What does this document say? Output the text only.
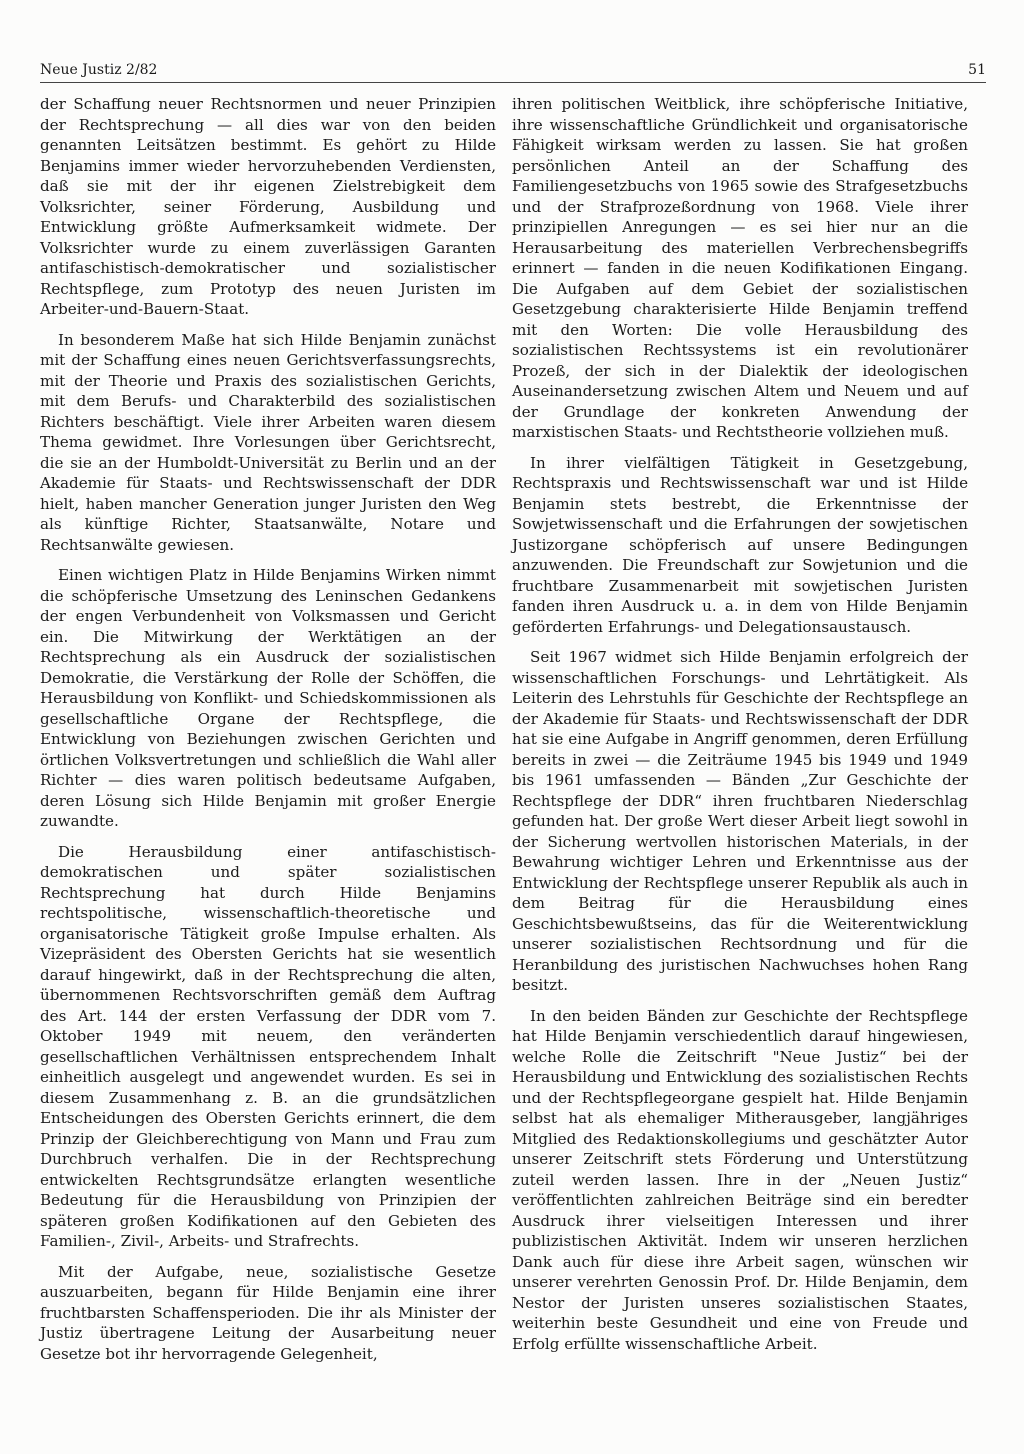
Neue Justiz 2/82	51

der Schaffung neuer Rechtsnormen und neuer Prinzipien der Rechtsprechung — all dies war von den beiden genannten Leitsätzen bestimmt. Es gehört zu Hilde Benjamins immer wieder hervorzuhebenden Verdiensten, daß sie mit der ihr eigenen Zielstrebigkeit dem Volksrichter, seiner Förderung, Ausbildung und Entwicklung größte Aufmerksamkeit widmete. Der Volksrichter wurde zu einem zuverlässigen Garanten antifaschistisch-demokratischer und sozialistischer Rechtspflege, zum Prototyp des neuen Juristen im Arbeiter-und-Bauern-Staat.

In besonderem Maße hat sich Hilde Benjamin zunächst mit der Schaffung eines neuen Gerichtsverfassungsrechts, mit der Theorie und Praxis des sozialistischen Gerichts, mit dem Berufs- und Charakterbild des sozialistischen Richters beschäftigt. Viele ihrer Arbeiten waren diesem Thema gewidmet. Ihre Vorlesungen über Gerichtsrecht, die sie an der Humboldt-Universität zu Berlin und an der Akademie für Staats- und Rechtswissenschaft der DDR hielt, haben mancher Generation junger Juristen den Weg als künftige Richter, Staatsanwälte, Notare und Rechtsanwälte gewiesen.

Einen wichtigen Platz in Hilde Benjamins Wirken nimmt die schöpferische Umsetzung des Leninschen Gedankens der engen Verbundenheit von Volksmassen und Gericht ein. Die Mitwirkung der Werktätigen an der Rechtsprechung als ein Ausdruck der sozialistischen Demokratie, die Verstärkung der Rolle der Schöffen, die Herausbildung von Konflikt- und Schiedskommissionen als gesellschaftliche Organe der Rechtspflege, die Entwicklung von Beziehungen zwischen Gerichten und örtlichen Volksvertretungen und schließlich die Wahl aller Richter — dies waren politisch bedeutsame Aufgaben, deren Lösung sich Hilde Benjamin mit großer Energie zuwandte.

Die Herausbildung einer antifaschistisch-demokratischen und später sozialistischen Rechtsprechung hat durch Hilde Benjamins rechtspolitische, wissenschaftlich-theoretische und organisatorische Tätigkeit große Impulse erhalten. Als Vizepräsident des Obersten Gerichts hat sie wesentlich darauf hingewirkt, daß in der Rechtsprechung die alten, übernommenen Rechtsvorschriften gemäß dem Auftrag des Art. 144 der ersten Verfassung der DDR vom 7. Oktober 1949 mit neuem, den veränderten gesellschaftlichen Verhältnissen entsprechendem Inhalt einheitlich ausgelegt und angewendet wurden. Es sei in diesem Zusammenhang z. B. an die grundsätzlichen Entscheidungen des Obersten Gerichts erinnert, die dem Prinzip der Gleichberechtigung von Mann und Frau zum Durchbruch verhalfen. Die in der Rechtsprechung entwickelten Rechtsgrundsätze erlangten wesentliche Bedeutung für die Herausbildung von Prinzipien der späteren großen Kodifikationen auf den Gebieten des Familien-, Zivil-, Arbeits- und Strafrechts.

Mit der Aufgabe, neue, sozialistische Gesetze auszuarbeiten, begann für Hilde Benjamin eine ihrer fruchtbarsten Schaffensperioden. Die ihr als Minister der Justiz übertragene Leitung der Ausarbeitung neuer Gesetze bot ihr hervorragende Gelegenheit,

ihren politischen Weitblick, ihre schöpferische Initiative, ihre wissenschaftliche Gründlichkeit und organisatorische Fähigkeit wirksam werden zu lassen. Sie hat großen persönlichen Anteil an der Schaffung des Familiengesetzbuchs von 1965 sowie des Strafgesetzbuchs und der Strafprozeßordnung von 1968. Viele ihrer prinzipiellen Anregungen — es sei hier nur an die Herausarbeitung des materiellen Verbrechensbegriffs erinnert — fanden in die neuen Kodifikationen Eingang. Die Aufgaben auf dem Gebiet der sozialistischen Gesetzgebung charakterisierte Hilde Benjamin treffend mit den Worten: Die volle Herausbildung des sozialistischen Rechtssystems ist ein revolutionärer Prozeß, der sich in der Dialektik der ideologischen Auseinandersetzung zwischen Altem und Neuem und auf der Grundlage der konkreten Anwendung der marxistischen Staats- und Rechtstheorie vollziehen muß.

In ihrer vielfältigen Tätigkeit in Gesetzgebung, Rechtspraxis und Rechtswissenschaft war und ist Hilde Benjamin stets bestrebt, die Erkenntnisse der Sowjetwissenschaft und die Erfahrungen der sowjetischen Justizorgane schöpferisch auf unsere Bedingungen anzuwenden. Die Freundschaft zur Sowjetunion und die fruchtbare Zusammenarbeit mit sowjetischen Juristen fanden ihren Ausdruck u. a. in dem von Hilde Benjamin geförderten Erfahrungs- und Delegationsaustausch.

Seit 1967 widmet sich Hilde Benjamin erfolgreich der wissenschaftlichen Forschungs- und Lehrtätigkeit. Als Leiterin des Lehrstuhls für Geschichte der Rechtspflege an der Akademie für Staats- und Rechtswissenschaft der DDR hat sie eine Aufgabe in Angriff genommen, deren Erfüllung bereits in zwei — die Zeiträume 1945 bis 1949 und 1949 bis 1961 umfassenden — Bänden „Zur Geschichte der Rechtspflege der DDR“ ihren fruchtbaren Niederschlag gefunden hat. Der große Wert dieser Arbeit liegt sowohl in der Sicherung wertvollen historischen Materials, in der Bewahrung wichtiger Lehren und Erkenntnisse aus der Entwicklung der Rechtspflege unserer Republik als auch in dem Beitrag für die Herausbildung eines Geschichtsbewußtseins, das für die Weiterentwicklung unserer sozialistischen Rechtsordnung und für die Heranbildung des juristischen Nachwuchses hohen Rang besitzt.

In den beiden Bänden zur Geschichte der Rechtspflege hat Hilde Benjamin verschiedentlich darauf hingewiesen, welche Rolle die Zeitschrift "Neue Justiz“ bei der Herausbildung und Entwicklung des sozialistischen Rechts und der Rechtspflegeorgane gespielt hat. Hilde Benjamin selbst hat als ehemaliger Mitherausgeber, langjähriges Mitglied des Redaktionskollegiums und geschätzter Autor unserer Zeitschrift stets Förderung und Unterstützung zuteil werden lassen. Ihre in der „Neuen Justiz“ veröffentlichten zahlreichen Beiträge sind ein beredter Ausdruck ihrer vielseitigen Interessen und ihrer publizistischen Aktivität. Indem wir unseren herzlichen Dank auch für diese ihre Arbeit sagen, wünschen wir unserer verehrten Genossin Prof. Dr. Hilde Benjamin, dem Nestor der Juristen unseres sozialistischen Staates, weiterhin beste Gesundheit und eine von Freude und Erfolg erfüllte wissenschaftliche Arbeit.
